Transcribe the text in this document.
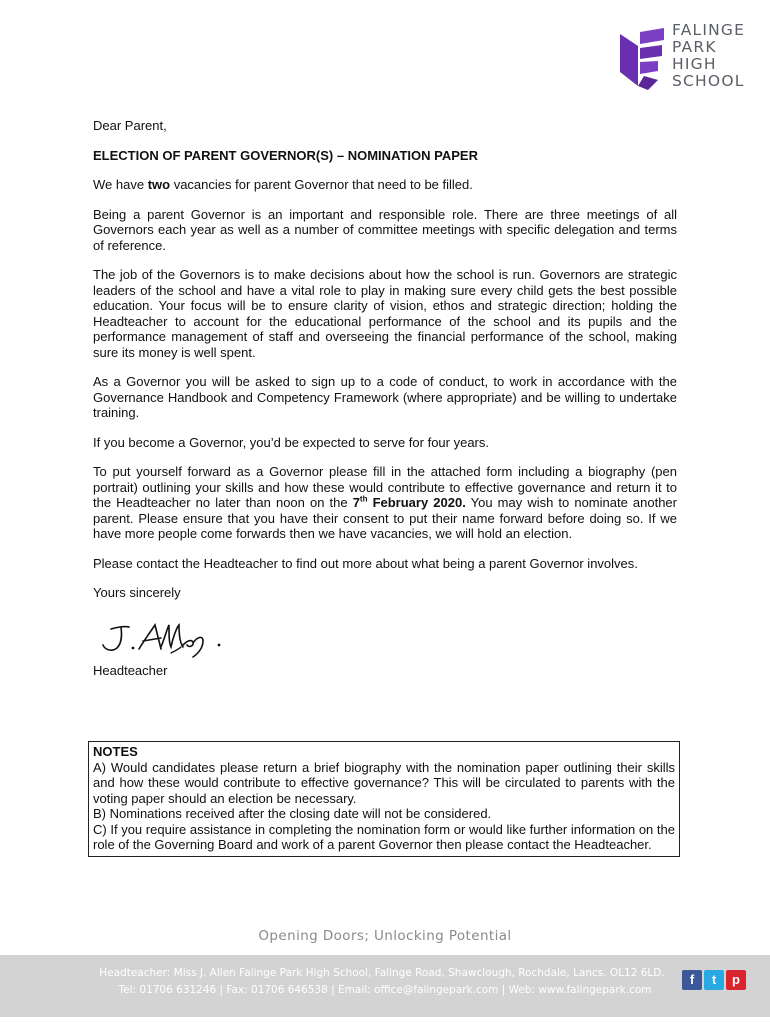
FALINGE
PARK
HIGH
SCHOOL

Dear Parent,

ELECTION OF PARENT GOVERNOR(S) – NOMINATION PAPER

We have two vacancies for parent Governor that need to be filled.

Being a parent Governor is an important and responsible role. There are three meetings of all Governors each year as well as a number of committee meetings with specific delegation and terms of reference.

The job of the Governors is to make decisions about how the school is run. Governors are strategic leaders of the school and have a vital role to play in making sure every child gets the best possible education. Your focus will be to ensure clarity of vision, ethos and strategic direction; holding the Headteacher to account for the educational performance of the school and its pupils and the performance management of staff and overseeing the financial performance of the school, making sure its money is well spent.

As a Governor you will be asked to sign up to a code of conduct, to work in accordance with the Governance Handbook and Competency Framework (where appropriate) and be willing to undertake training.

If you become a Governor, you’d be expected to serve for four years.

To put yourself forward as a Governor please fill in the attached form including a biography (pen portrait) outlining your skills and how these would contribute to effective governance and return it to the Headteacher no later than noon on the 7th February 2020. You may wish to nominate another parent. Please ensure that you have their consent to put their name forward before doing so. If we have more people come forwards then we have vacancies, we will hold an election.

Please contact the Headteacher to find out more about what being a parent Governor involves.

Yours sincerely

Headteacher

NOTES
A) Would candidates please return a brief biography with the nomination paper outlining their skills and how these would contribute to effective governance? This will be circulated to parents with the voting paper should an election be necessary.
B) Nominations received after the closing date will not be considered.
C) If you require assistance in completing the nomination form or would like further information on the role of the Governing Board and work of a parent Governor then please contact the Headteacher.
Opening Doors; Unlocking Potential
Headteacher: Miss J. Allen Falinge Park High School, Falinge Road, Shawclough, Rochdale, Lancs. OL12 6LD.
Tel: 01706 631246 | Fax: 01706 646538 | Email: office@falingepark.com | Web: www.falingepark.com
f	t	p
